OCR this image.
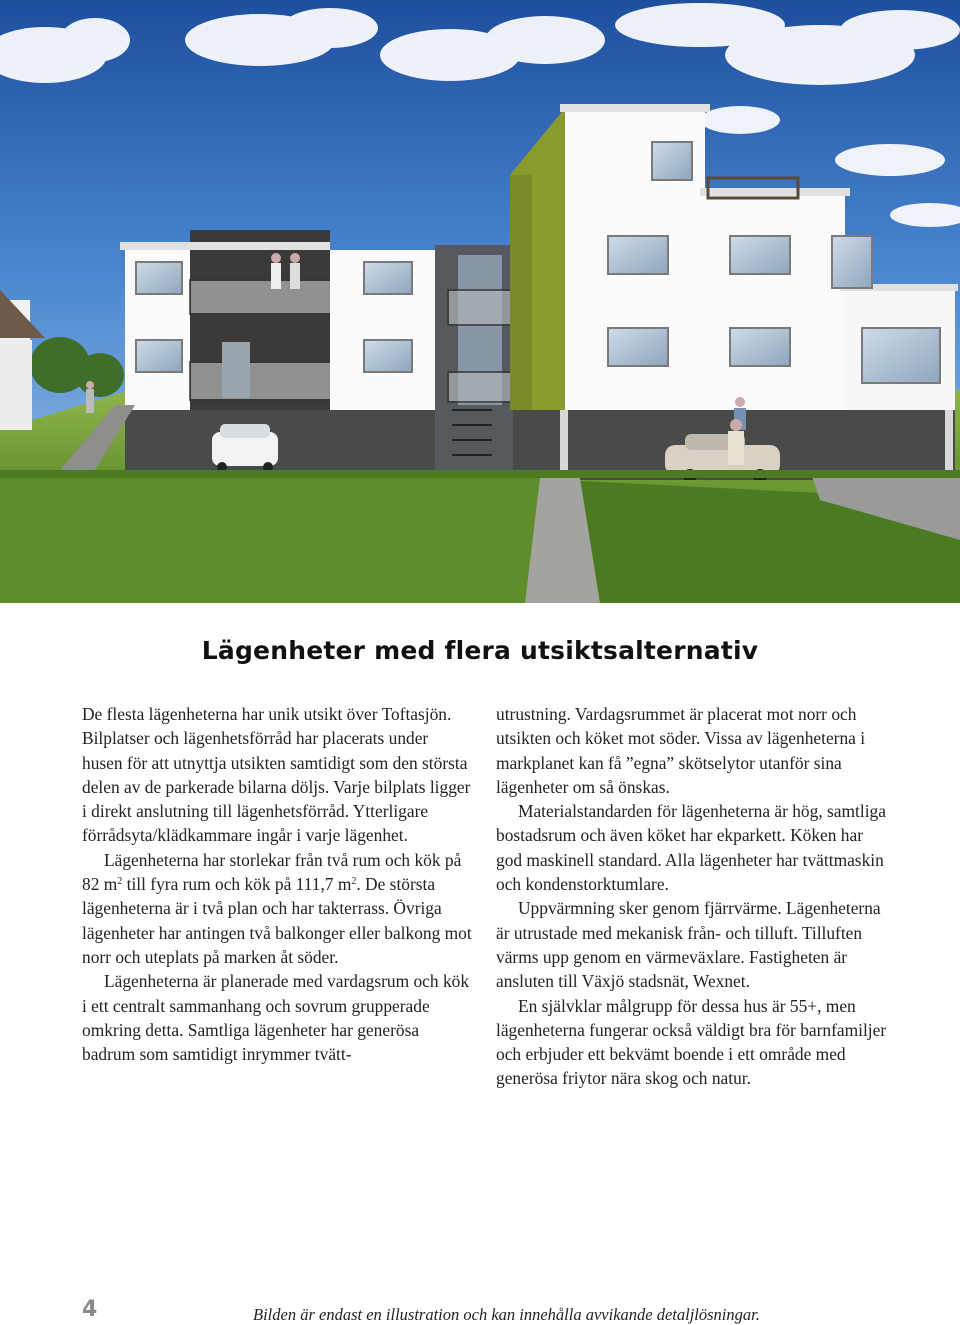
Lägenheter med flera utsiktsalternativ

De flesta lägenheterna har unik utsikt över Toftasjön. Bilplatser och lägenhetsförråd har placerats under husen för att utnyttja utsikten samtidigt som den största delen av de parkerade bilarna döljs. Varje bilplats ligger i direkt anslutning till lägenhetsförråd. Ytterligare förrådsyta/klädkammare ingår i varje lägenhet.

Lägenheterna har storlekar från två rum och kök på 82 $m^2$ till fyra rum och kök på 111,7 $m^2$. De största lägenheterna är i två plan och har takterrass. Övriga lägenheter har antingen två balkonger eller balkong mot norr och uteplats på marken åt söder.

Lägenheterna är planerade med vardagsrum och kök i ett centralt sammanhang och sovrum grupperade omkring detta. Samtliga lägenheter har generösa badrum som samtidigt inrymmer tvätt-

utrustning. Vardagsrummet är placerat mot norr och utsikten och köket mot söder. Vissa av lägenheterna i markplanet kan få ”egna” skötselytor utanför sina lägenheter om så önskas.

Materialstandarden för lägenheterna är hög, samtliga bostadsrum och även köket har ekparkett. Köken har god maskinell standard. Alla lägenheter har tvättmaskin och kondenstorktumlare.

Uppvärmning sker genom fjärrvärme. Lägenheterna är utrustade med mekanisk från- och tilluft. Tilluften värms upp genom en värmeväxlare. Fastigheten är ansluten till Växjö stadsnät, Wexnet.

En självklar målgrupp för dessa hus är 55+, men lägenheterna fungerar också väldigt bra för barnfamiljer och erbjuder ett bekvämt boende i ett område med generösa friytor nära skog och natur.

4	Bilden är endast en illustration och kan innehålla avvikande detaljlösningar.
